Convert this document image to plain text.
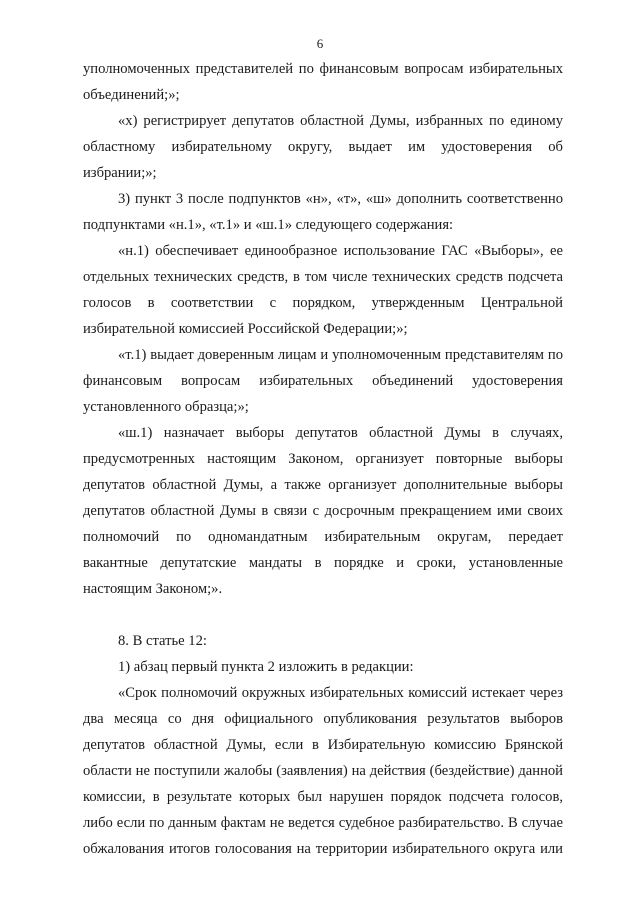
6

уполномоченных представителей по финансовым вопросам избирательных объединений;»;

«х) регистрирует депутатов областной Думы, избранных по единому областному избирательному округу, выдает им удостоверения об избрании;»;

3) пункт 3 после подпунктов «н», «т», «ш» дополнить соответственно подпунктами «н.1», «т.1» и «ш.1» следующего содержания:

«н.1) обеспечивает единообразное использование ГАС «Выборы», ее отдельных технических средств, в том числе технических средств подсчета голосов в соответствии с порядком, утвержденным Центральной избирательной комиссией Российской Федерации;»;

«т.1) выдает доверенным лицам и уполномоченным представителям по финансовым вопросам избирательных объединений удостоверения установленного образца;»;

«ш.1) назначает выборы депутатов областной Думы в случаях, предусмотренных настоящим Законом, организует повторные выборы депутатов областной Думы, а также организует дополнительные выборы депутатов областной Думы в связи с досрочным прекращением ими своих полномочий по одномандатным избирательным округам, передает вакантные депутатские мандаты в порядке и сроки, установленные настоящим Законом;».

8. В статье 12:

1) абзац первый пункта 2 изложить в редакции:

«Срок полномочий окружных избирательных комиссий истекает через два месяца со дня официального опубликования результатов выборов депутатов областной Думы, если в Избирательную комиссию Брянской области не поступили жалобы (заявления) на действия (бездействие) данной комиссии, в результате которых был нарушен порядок подсчета голосов, либо если по данным фактам не ведется судебное разбирательство. В случае обжалования итогов голосования на территории избирательного округа или
